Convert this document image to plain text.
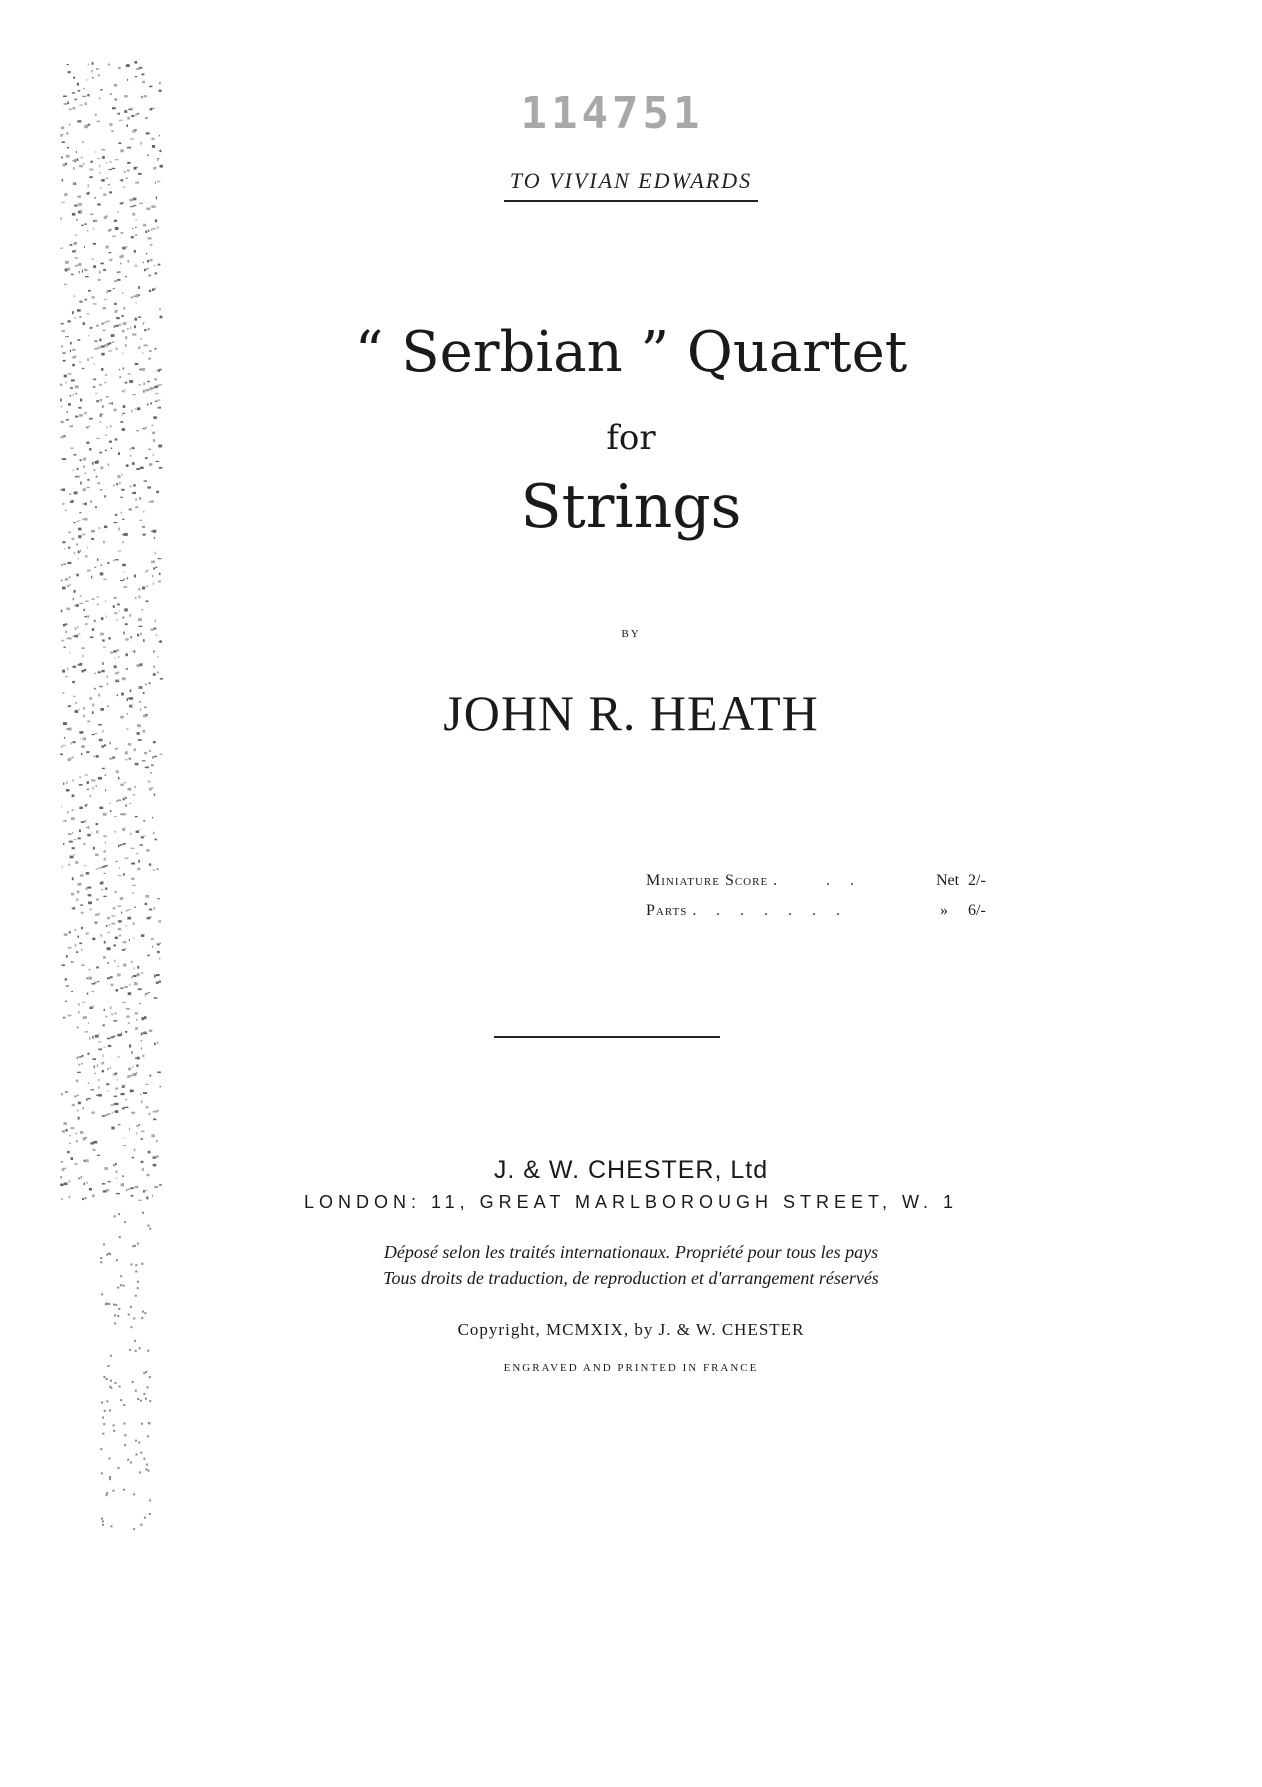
114751
TO VIVIAN EDWARDS
“ Serbian ” Quartet
for
Strings
BY
JOHN R. HEATH
Miniature Score .	. .	Net 2/-
Parts . . . . . . .	» 6/-
J. & W. CHESTER, Ltd
LONDON: 11, GREAT MARLBOROUGH STREET, W. 1
Déposé selon les traités internationaux. Propriété pour tous les pays
Tous droits de traduction, de reproduction et d'arrangement réservés
Copyright, MCMXIX, by J. & W. CHESTER
ENGRAVED AND PRINTED IN FRANCE
